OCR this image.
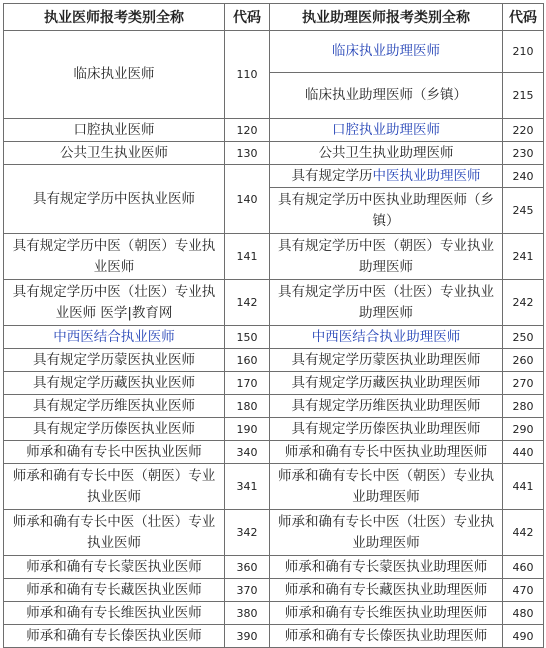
执业医师报考类别全称	代码	执业助理医师报考类别全称	代码
临床执业医师	110	临床执业助理医师	210
		临床执业助理医师（乡镇）	215
口腔执业医师	120	口腔执业助理医师	220
公共卫生执业医师	130	公共卫生执业助理医师	230
具有规定学历中医执业医师	140	具有规定学历中医执业助理医师	240
		具有规定学历中医执业助理医师（乡镇）	245
具有规定学历中医（朝医）专业执业医师	141	具有规定学历中医（朝医）专业执业助理医师	241
具有规定学历中医（壮医）专业执业医师 医学|教育网	142	具有规定学历中医（壮医）专业执业助理医师	242
中西医结合执业医师	150	中西医结合执业助理医师	250
具有规定学历蒙医执业医师	160	具有规定学历蒙医执业助理医师	260
具有规定学历藏医执业医师	170	具有规定学历藏医执业助理医师	270
具有规定学历维医执业医师	180	具有规定学历维医执业助理医师	280
具有规定学历傣医执业医师	190	具有规定学历傣医执业助理医师	290
师承和确有专长中医执业医师	340	师承和确有专长中医执业助理医师	440
师承和确有专长中医（朝医）专业执业医师	341	师承和确有专长中医（朝医）专业执业助理医师	441
师承和确有专长中医（壮医）专业执业医师	342	师承和确有专长中医（壮医）专业执业助理医师	442
师承和确有专长蒙医执业医师	360	师承和确有专长蒙医执业助理医师	460
师承和确有专长藏医执业医师	370	师承和确有专长藏医执业助理医师	470
师承和确有专长维医执业医师	380	师承和确有专长维医执业助理医师	480
师承和确有专长傣医执业医师	390	师承和确有专长傣医执业助理医师	490
